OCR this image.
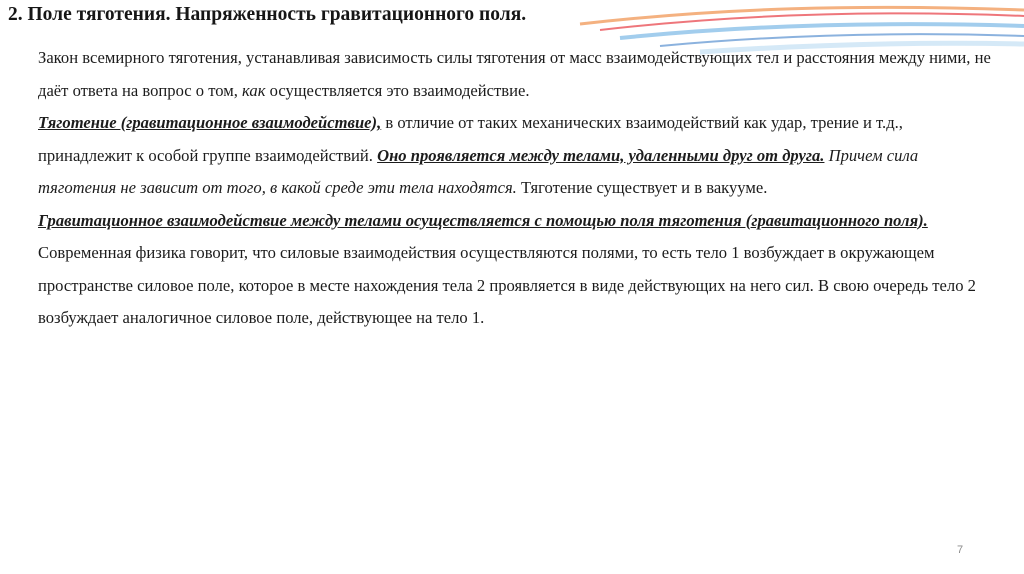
2. Поле тяготения. Напряженность гравитационного поля.

Закон всемирного тяготения, устанавливая зависимость силы тяготения от масс взаимодействующих тел и расстояния между ними, не даёт ответа на вопрос о том, как осуществляется это взаимодействие.

Тяготение (гравитационное взаимодействие), в отличие от таких механических взаимодействий как удар, трение и т.д., принадлежит к особой группе взаимодействий. Оно проявляется между телами, удаленными друг от друга. Причем сила тяготения не зависит от того, в какой среде эти тела находятся. Тяготение существует и в вакууме.

Гравитационное взаимодействие между телами осуществляется с помощью поля тяготения (гравитационного поля).

Современная физика говорит, что силовые взаимодействия осуществляются полями, то есть тело 1 возбуждает в окружающем пространстве силовое поле, которое в месте нахождения тела 2 проявляется в виде действующих на него сил. В свою очередь тело 2 возбуждает аналогичное силовое поле, действующее на тело 1.

7
